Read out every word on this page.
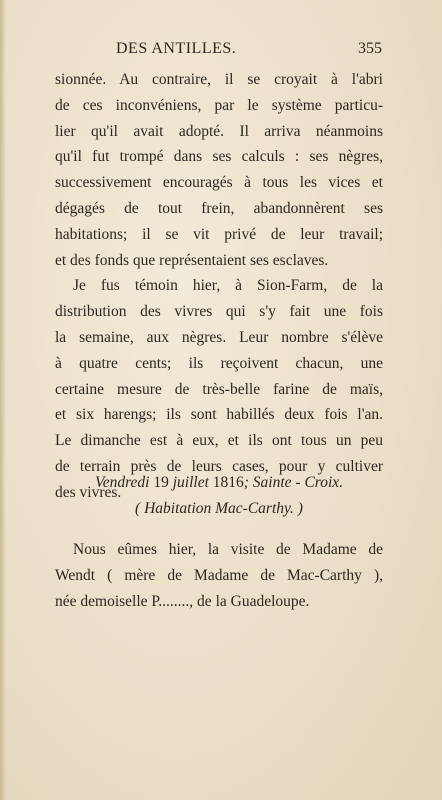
DES ANTILLES.	355
sionnée. Au contraire, il se croyait à l'abri
de ces inconvéniens, par le système particu-
lier qu'il avait adopté. Il arriva néanmoins
qu'il fut trompé dans ses calculs : ses nègres,
successivement encouragés à tous les vices et
dégagés de tout frein, abandonnèrent ses
habitations; il se vit privé de leur travail;
et des fonds que représentaient ses esclaves.
Je fus témoin hier, à Sion-Farm, de la
distribution des vivres qui s'y fait une fois
la semaine, aux nègres. Leur nombre s'élève
à quatre cents; ils reçoivent chacun, une
certaine mesure de très-belle farine de maïs,
et six harengs; ils sont habillés deux fois l'an.
Le dimanche est à eux, et ils ont tous un peu
de terrain près de leurs cases, pour y cultiver
des vivres.
Vendredi 19 juillet 1816; Sainte - Croix.
( Habitation Mac-Carthy. )
Nous eûmes hier, la visite de Madame de
Wendt ( mère de Madame de Mac-Carthy ),
née demoiselle P........, de la Guadeloupe.
